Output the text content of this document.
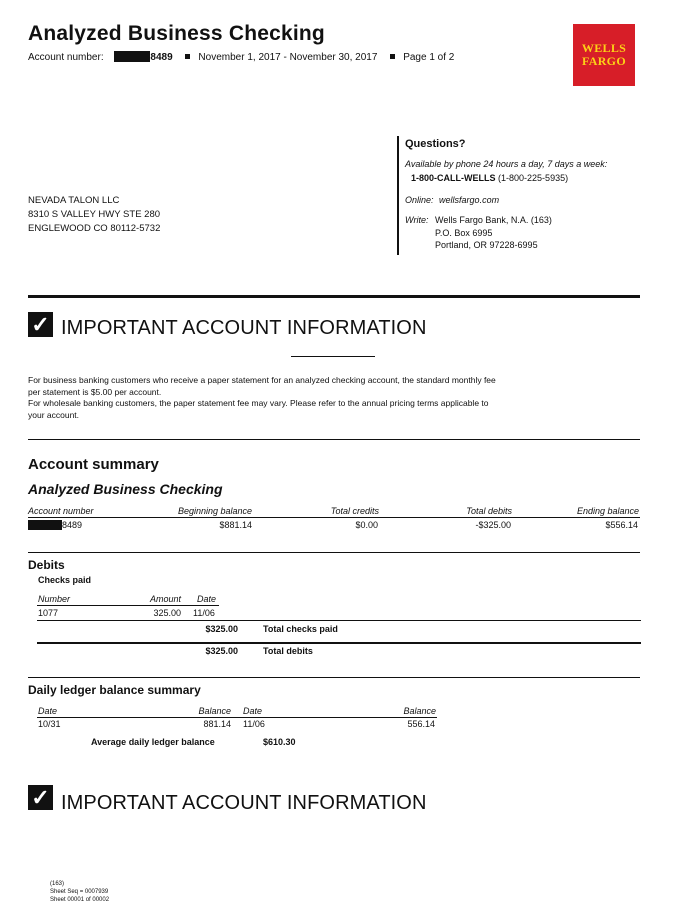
Analyzed Business Checking
Account number:	8489	November 1, 2017 - November 30, 2017	Page 1 of 2
WELLS
FARGO
Questions?
Available by phone 24 hours a day, 7 days a week:
1-800-CALL-WELLS (1-800-225-5935)
Online: wellsfargo.com
Write: Wells Fargo Bank, N.A. (163)
P.O. Box 6995
Portland, OR 97228-6995
NEVADA TALON LLC
8310 S VALLEY HWY STE 280
ENGLEWOOD CO 80112-5732
✓ IMPORTANT ACCOUNT INFORMATION
For business banking customers who receive a paper statement for an analyzed checking account, the standard monthly fee per statement is $5.00 per account.
For wholesale banking customers, the paper statement fee may vary. Please refer to the annual pricing terms applicable to your account.
Account summary
Analyzed Business Checking
Account number	Beginning balance	Total credits	Total debits	Ending balance
8489	$881.14	$0.00	-$325.00	$556.14
Debits
Checks paid
Number	Amount Date
1077	325.00 11/06
$325.00	Total checks paid
$325.00	Total debits
Daily ledger balance summary
Date	Balance Date	Balance
10/31	881.14 11/06	556.14
Average daily ledger balance	$610.30
✓ IMPORTANT ACCOUNT INFORMATION
(163)
Sheet Seq = 0007939
Sheet 00001 of 00002
